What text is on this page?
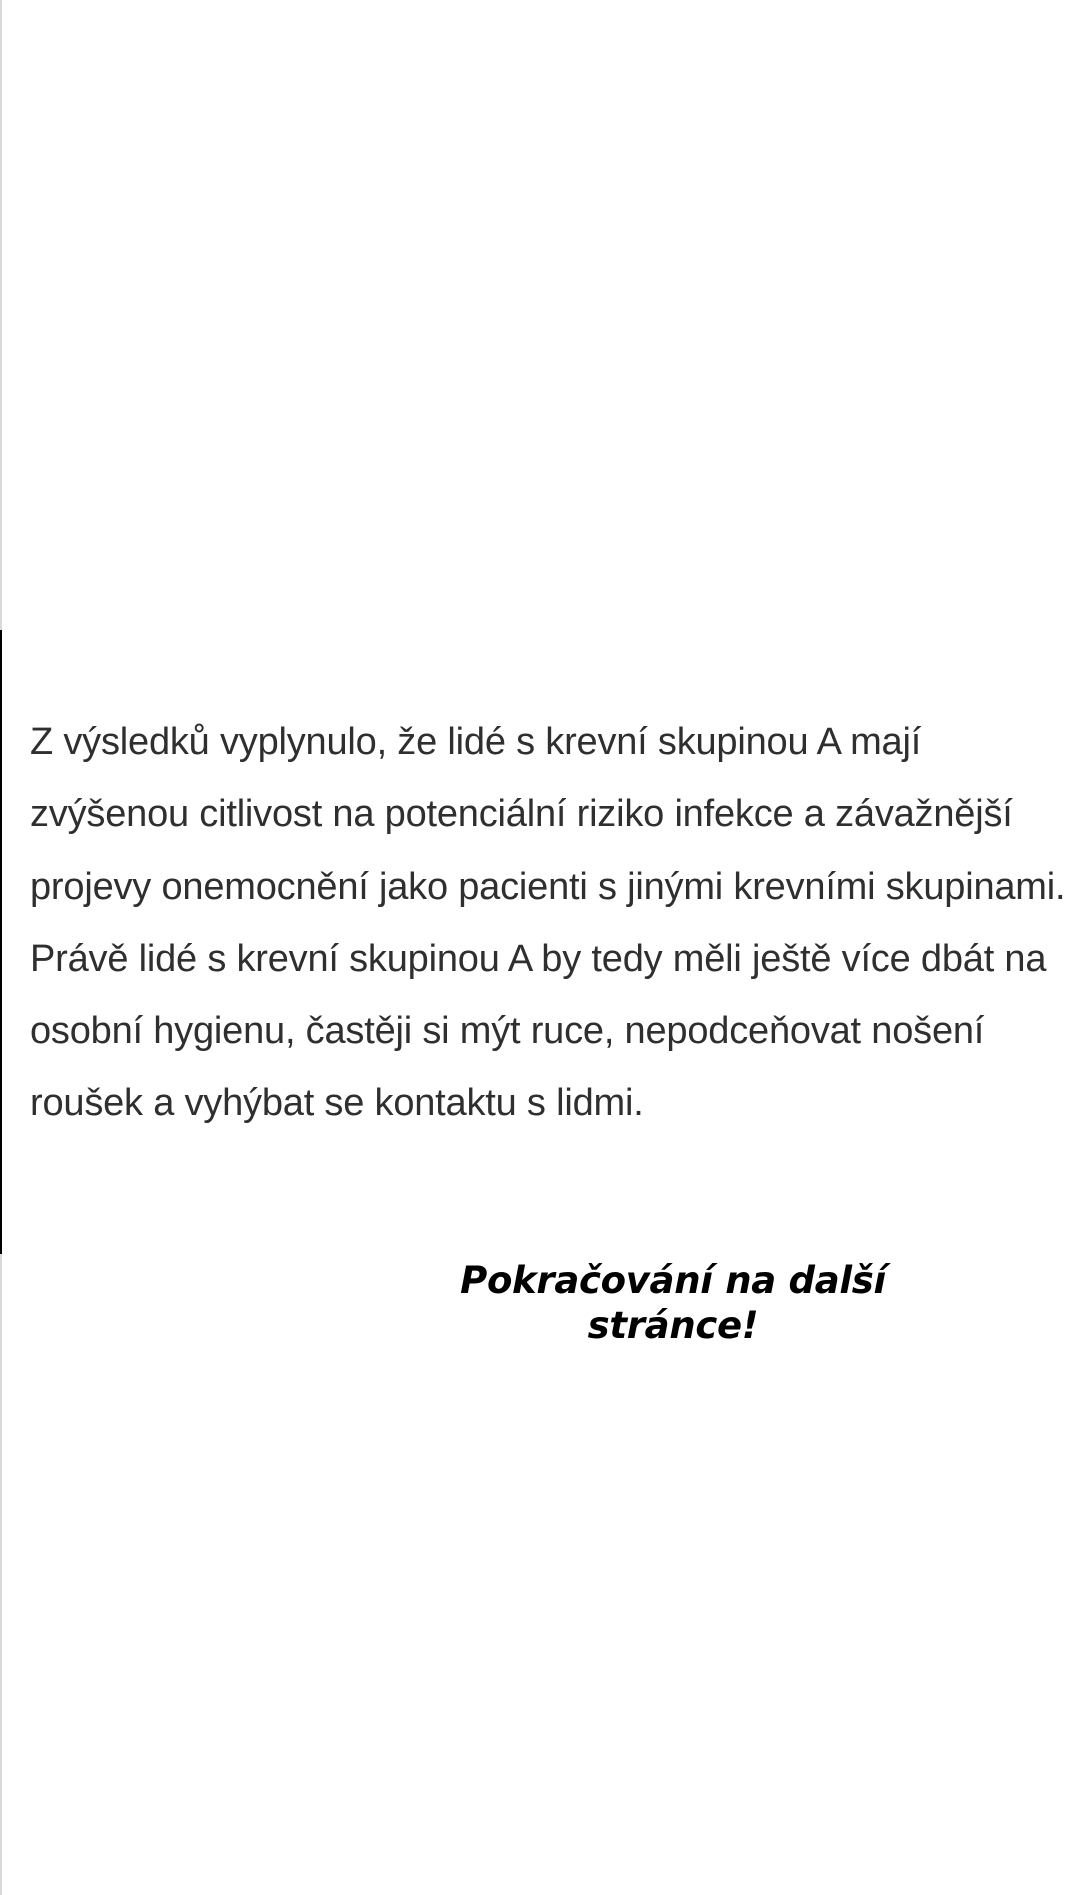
Z výsledků vyplynulo, že lidé s krevní skupinou A mají zvýšenou citlivost na potenciální riziko infekce a závažnější projevy onemocnění jako pacienti s jinými krevními skupinami. Právě lidé s krevní skupinou A by tedy měli ještě více dbát na osobní hygienu, častěji si mýt ruce, nepodceňovat nošení roušek a vyhýbat se kontaktu s lidmi.

Pokračování na další stránce!
